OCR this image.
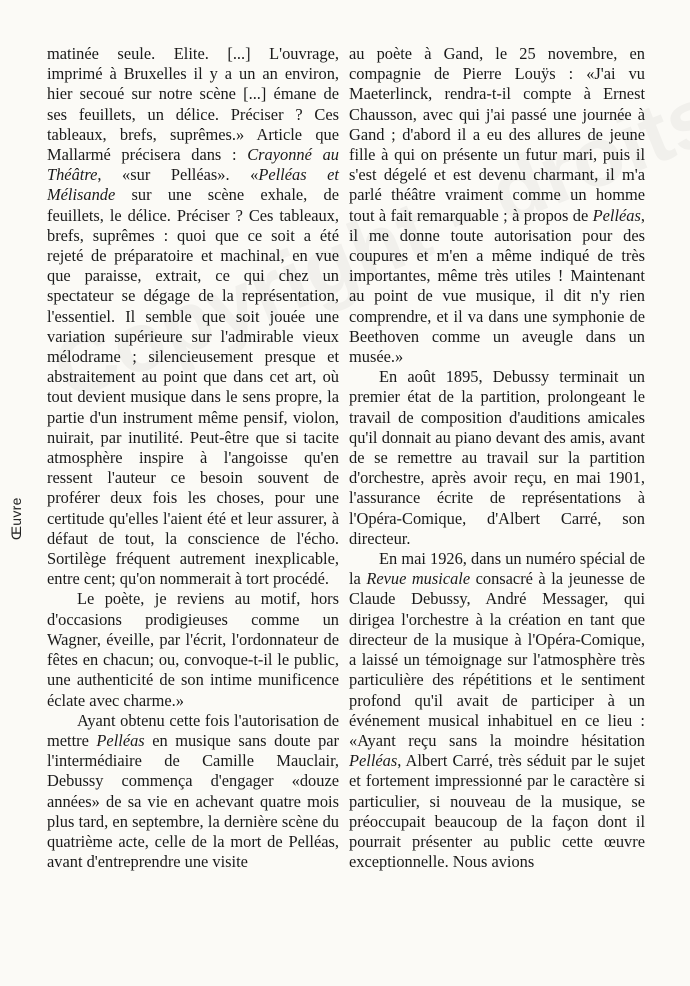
Œuvre

matinée seule. Elite. [...] L'ouvrage, imprimé à Bruxelles il y a un an environ, hier secoué sur notre scène [...] émane de ses feuillets, un délice. Préciser ? Ces tableaux, brefs, suprêmes.» Article que Mallarmé précisera dans : Crayonné au Théâtre, «sur Pelléas». «Pelléas et Mélisande sur une scène exhale, de feuillets, le délice. Préciser ? Ces tableaux, brefs, suprêmes : quoi que ce soit a été rejeté de préparatoire et machinal, en vue que paraisse, extrait, ce qui chez un spectateur se dégage de la représentation, l'essentiel. Il semble que soit jouée une variation supérieure sur l'admirable vieux mélodrame ; silencieusement presque et abstraitement au point que dans cet art, où tout devient musique dans le sens propre, la partie d'un instrument même pensif, violon, nuirait, par inutilité. Peut-être que si tacite atmosphère inspire à l'angoisse qu'en ressent l'auteur ce besoin souvent de proférer deux fois les choses, pour une certitude qu'elles l'aient été et leur assurer, à défaut de tout, la conscience de l'écho. Sortilège fréquent autrement inexplicable, entre cent; qu'on nommerait à tort procédé.

Le poète, je reviens au motif, hors d'occasions prodigieuses comme un Wagner, éveille, par l'écrit, l'ordonnateur de fêtes en chacun; ou, convoque-t-il le public, une authenticité de son intime munificence éclate avec charme.»

Ayant obtenu cette fois l'autorisation de mettre Pelléas en musique sans doute par l'intermédiaire de Camille Mauclair, Debussy commença d'engager «douze années» de sa vie en achevant quatre mois plus tard, en septembre, la dernière scène du quatrième acte, celle de la mort de Pelléas, avant d'entreprendre une visite

au poète à Gand, le 25 novembre, en compagnie de Pierre Louÿs : «J'ai vu Maeterlinck, rendra-t-il compte à Ernest Chausson, avec qui j'ai passé une journée à Gand ; d'abord il a eu des allures de jeune fille à qui on présente un futur mari, puis il s'est dégelé et est devenu charmant, il m'a parlé théâtre vraiment comme un homme tout à fait remarquable ; à propos de Pelléas, il me donne toute autorisation pour des coupures et m'en a même indiqué de très importantes, même très utiles ! Maintenant au point de vue musique, il dit n'y rien comprendre, et il va dans une symphonie de Beethoven comme un aveugle dans un musée.»

En août 1895, Debussy terminait un premier état de la partition, prolongeant le travail de composition d'auditions amicales qu'il donnait au piano devant des amis, avant de se remettre au travail sur la partition d'orchestre, après avoir reçu, en mai 1901, l'assurance écrite de représentations à l'Opéra-Comique, d'Albert Carré, son directeur.

En mai 1926, dans un numéro spécial de la Revue musicale consacré à la jeunesse de Claude Debussy, André Messager, qui dirigea l'orchestre à la création en tant que directeur de la musique à l'Opéra-Comique, a laissé un témoignage sur l'atmosphère très particulière des répétitions et le sentiment profond qu'il avait de participer à un événement musical inhabituel en ce lieu : «Ayant reçu sans la moindre hésitation Pelléas, Albert Carré, très séduit par le sujet et fortement impressionné par le caractère si particulier, si nouveau de la musique, se préoccupait beaucoup de la façon dont il pourrait présenter au public cette œuvre exceptionnelle. Nous avions
